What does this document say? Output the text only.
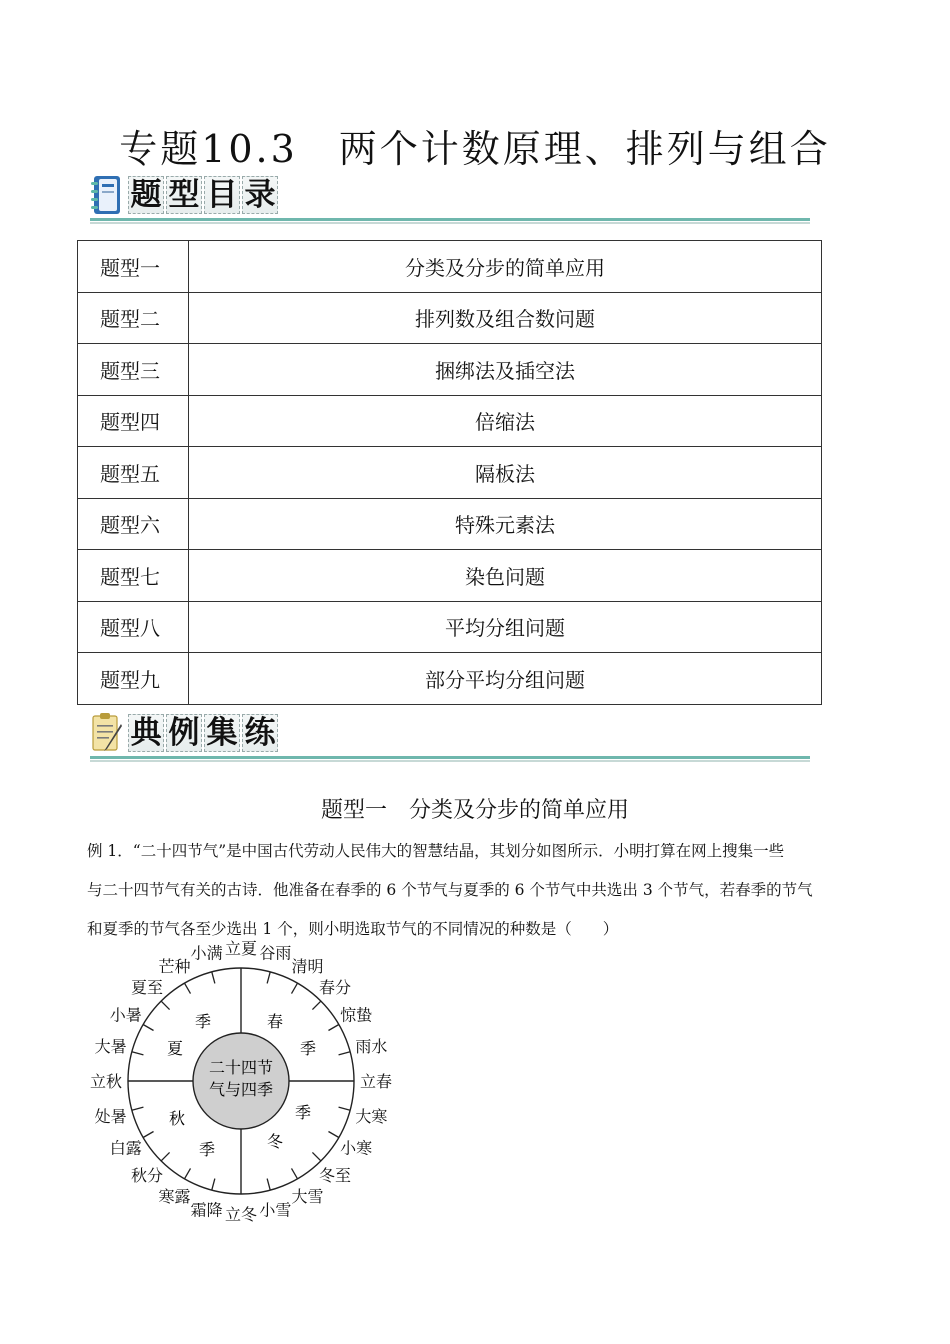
专题10.3　两个计数原理、排列与组合
题 型 目 录
题型一	分类及分步的简单应用
题型二	排列数及组合数问题
题型三	捆绑法及插空法
题型四	倍缩法
题型五	隔板法
题型六	特殊元素法
题型七	染色问题
题型八	平均分组问题
题型九	部分平均分组问题
典 例 集 练
题型一　分类及分步的简单应用

例 1．“二十四节气”是中国古代劳动人民伟大的智慧结晶，其划分如图所示．小明打算在网上搜集一些

与二十四节气有关的古诗．他准备在春季的 6 个节气与夏季的 6 个节气中共选出 3 个节气，若春季的节气

和夏季的节气各至少选出 1 个，则小明选取节气的不同情况的种数是（　　）

二十四节
气与四季
春
季
季
夏
秋
季
季
冬
立春
雨水
惊蛰
春分
清明
谷雨
立夏
小满
芒种
夏至
小暑
大暑
立秋
处暑
白露
秋分
寒露
霜降 立冬 小雪
大雪
冬至
小寒
大寒
